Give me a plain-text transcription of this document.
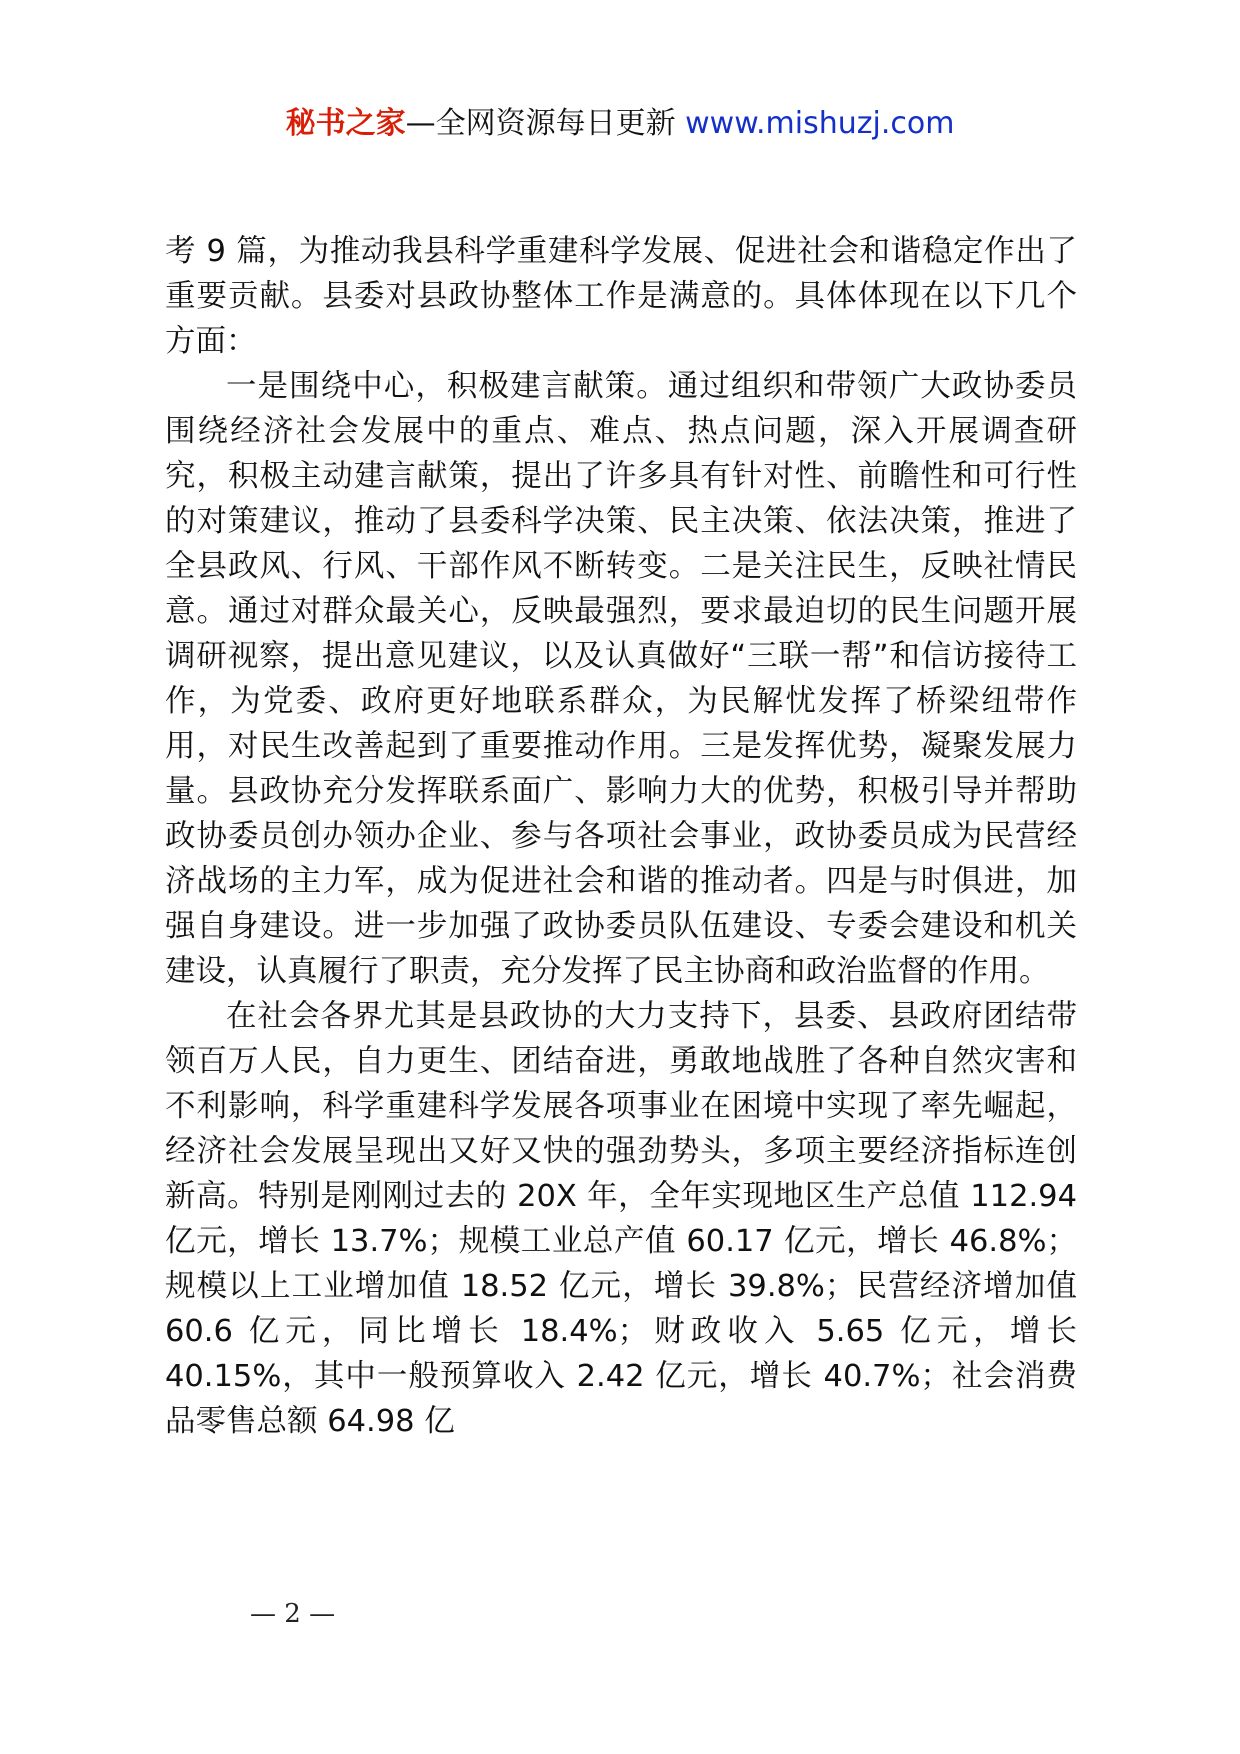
秘书之家—全网资源每日更新 www.mishuzj.com

考 9 篇，为推动我县科学重建科学发展、促进社会和谐稳定作出了重要贡献。县委对县政协整体工作是满意的。具体体现在以下几个方面：

一是围绕中心，积极建言献策。通过组织和带领广大政协委员围绕经济社会发展中的重点、难点、热点问题，深入开展调查研究，积极主动建言献策，提出了许多具有针对性、前瞻性和可行性的对策建议，推动了县委科学决策、民主决策、依法决策，推进了全县政风、行风、干部作风不断转变。二是关注民生，反映社情民意。通过对群众最关心，反映最强烈，要求最迫切的民生问题开展调研视察，提出意见建议，以及认真做好“三联一帮”和信访接待工作，为党委、政府更好地联系群众，为民解忧发挥了桥梁纽带作用，对民生改善起到了重要推动作用。三是发挥优势，凝聚发展力量。县政协充分发挥联系面广、影响力大的优势，积极引导并帮助政协委员创办领办企业、参与各项社会事业，政协委员成为民营经济战场的主力军，成为促进社会和谐的推动者。四是与时俱进，加强自身建设。进一步加强了政协委员队伍建设、专委会建设和机关建设，认真履行了职责，充分发挥了民主协商和政治监督的作用。

在社会各界尤其是县政协的大力支持下，县委、县政府团结带领百万人民，自力更生、团结奋进，勇敢地战胜了各种自然灾害和不利影响，科学重建科学发展各项事业在困境中实现了率先崛起，经济社会发展呈现出又好又快的强劲势头，多项主要经济指标连创新高。特别是刚刚过去的 20X 年，全年实现地区生产总值 112.94 亿元，增长 13.7%；规模工业总产值 60.17 亿元，增长 46.8%；规模以上工业增加值 18.52 亿元，增长 39.8%；民营经济增加值 60.6 亿元，同比增长 18.4%；财政收入 5.65 亿元，增长 40.15%，其中一般预算收入 2.42 亿元，增长 40.7%；社会消费品零售总额 64.98 亿

— 2 —
